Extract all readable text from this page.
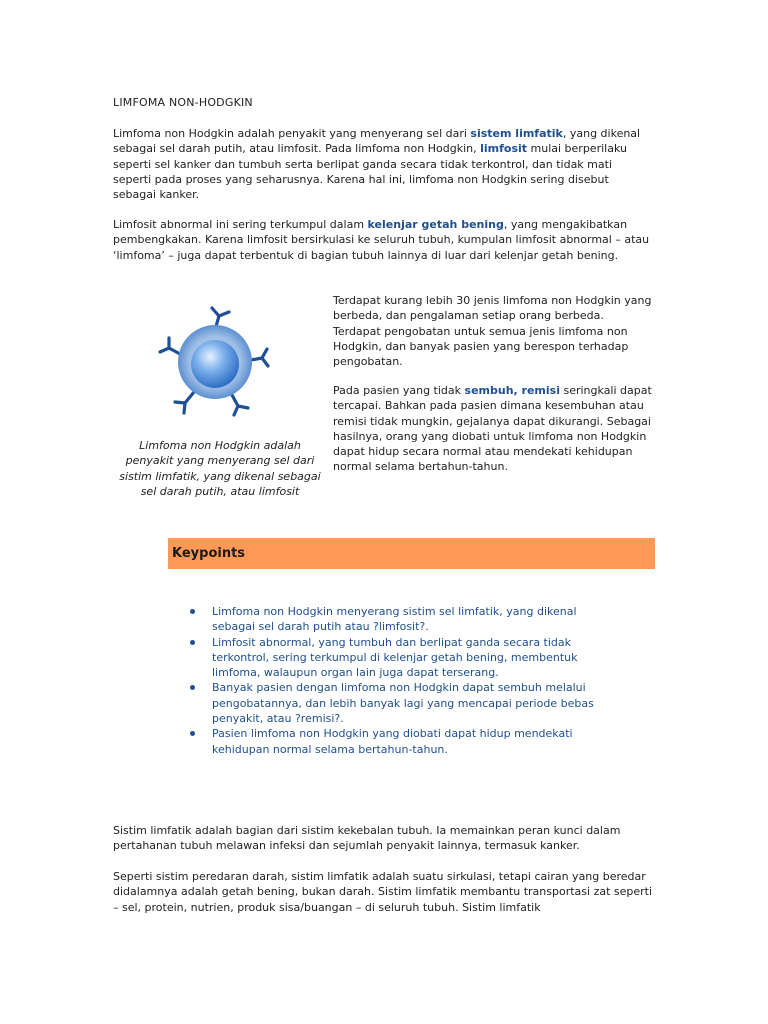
LIMFOMA NON-HODGKIN

Limfoma non Hodgkin adalah penyakit yang menyerang sel dari sistem limfatik, yang dikenal sebagai sel darah putih, atau limfosit. Pada limfoma non Hodgkin, limfosit mulai berperilaku seperti sel kanker dan tumbuh serta berlipat ganda secara tidak terkontrol, dan tidak mati seperti pada proses yang seharusnya. Karena hal ini, limfoma non Hodgkin sering disebut sebagai kanker.

Limfosit abnormal ini sering terkumpul dalam kelenjar getah bening, yang mengakibatkan pembengkakan. Karena limfosit bersirkulasi ke seluruh tubuh, kumpulan limfosit abnormal – atau ‘limfoma’ – juga dapat terbentuk di bagian tubuh lainnya di luar dari kelenjar getah bening.

Limfoma non Hodgkin adalah penyakit yang menyerang sel dari sistim limfatik, yang dikenal sebagai sel darah putih, atau limfosit

Terdapat kurang lebih 30 jenis limfoma non Hodgkin yang berbeda, dan pengalaman setiap orang berbeda. Terdapat pengobatan untuk semua jenis limfoma non Hodgkin, dan banyak pasien yang berespon terhadap pengobatan.

Pada pasien yang tidak sembuh, remisi seringkali dapat tercapai. Bahkan pada pasien dimana kesembuhan atau remisi tidak mungkin, gejalanya dapat dikurangi. Sebagai hasilnya, orang yang diobati untuk limfoma non Hodgkin dapat hidup secara normal atau mendekati kehidupan normal selama bertahun-tahun.

Keypoints
Limfoma non Hodgkin menyerang sistim sel limfatik, yang dikenal sebagai sel darah putih atau ?limfosit?.
Limfosit abnormal, yang tumbuh dan berlipat ganda secara tidak terkontrol, sering terkumpul di kelenjar getah bening, membentuk limfoma, walaupun organ lain juga dapat terserang.
Banyak pasien dengan limfoma non Hodgkin dapat sembuh melalui pengobatannya, dan lebih banyak lagi yang mencapai periode bebas penyakit, atau ?remisi?.
Pasien limfoma non Hodgkin yang diobati dapat hidup mendekati kehidupan normal selama bertahun-tahun.

Sistim limfatik adalah bagian dari sistim kekebalan tubuh. Ia memainkan peran kunci dalam pertahanan tubuh melawan infeksi dan sejumlah penyakit lainnya, termasuk kanker.

Seperti sistim peredaran darah, sistim limfatik adalah suatu sirkulasi, tetapi cairan yang beredar didalamnya adalah getah bening, bukan darah. Sistim limfatik membantu transportasi zat seperti – sel, protein, nutrien, produk sisa/buangan – di seluruh tubuh. Sistim limfatik
